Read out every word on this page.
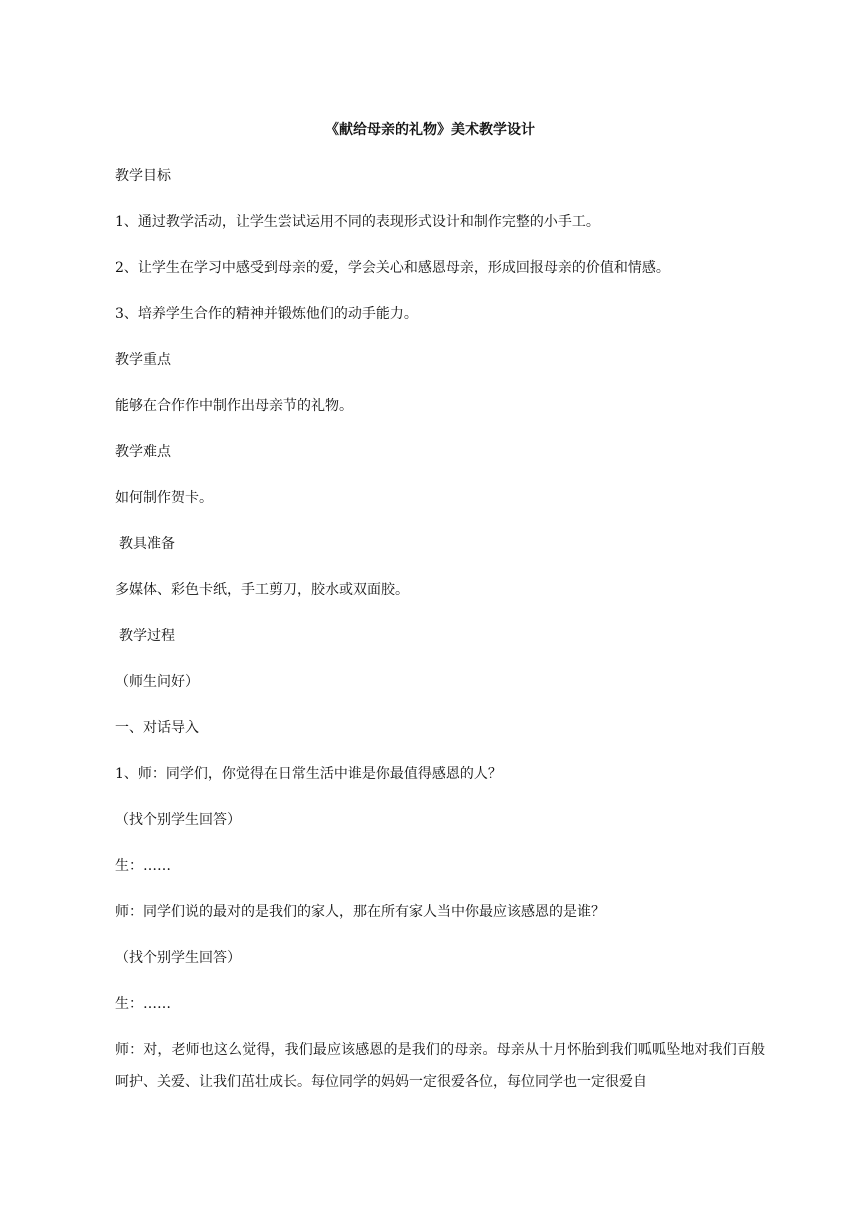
《献给母亲的礼物》美术教学设计
教学目标
1、通过教学活动，让学生尝试运用不同的表现形式设计和制作完整的小手工。
2、让学生在学习中感受到母亲的爱，学会关心和感恩母亲，形成回报母亲的价值和情感。
3、培养学生合作的精神并锻炼他们的动手能力。
教学重点
能够在合作作中制作出母亲节的礼物。
教学难点
如何制作贺卡。
教具准备
多媒体、彩色卡纸，手工剪刀，胶水或双面胶。
教学过程
（师生问好）
一、对话导入
1、师：同学们，你觉得在日常生活中谁是你最值得感恩的人？
（找个别学生回答）
生：……
师：同学们说的最对的是我们的家人，那在所有家人当中你最应该感恩的是谁？
（找个别学生回答）
生：……
师：对，老师也这么觉得，我们最应该感恩的是我们的母亲。母亲从十月怀胎到我们呱呱坠地对我们百般呵护、关爱、让我们茁壮成长。每位同学的妈妈一定很爱各位，每位同学也一定很爱自
